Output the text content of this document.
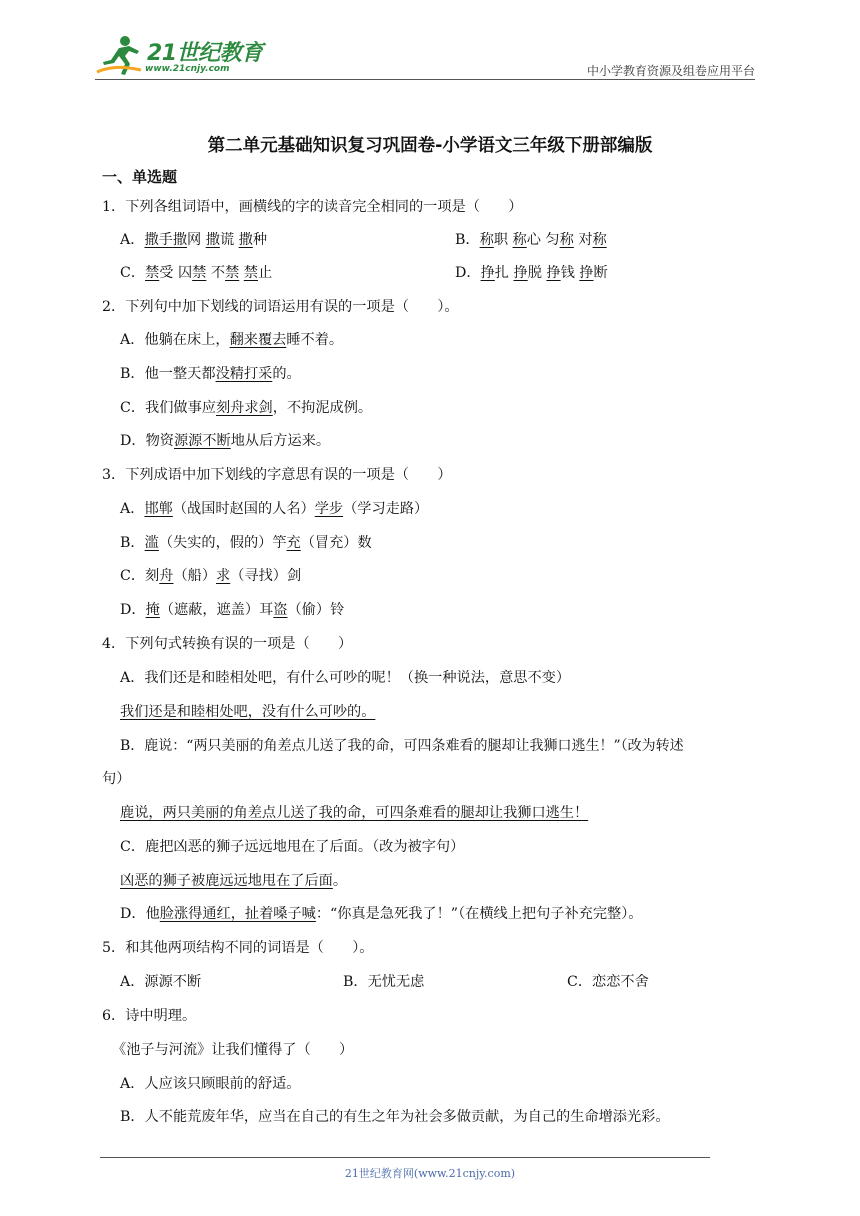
21世纪教育
www.21cnjy.com	中小学教育资源及组卷应用平台
第二单元基础知识复习巩固卷-小学语文三年级下册部编版
一、单选题
1．下列各组词语中，画横线的字的读音完全相同的一项是（　　）
A．撒手撒网 撒谎 撒种	B．称职 称心 匀称 对称
C．禁受 囚禁 不禁 禁止	D．挣扎 挣脱 挣钱 挣断
2．下列句中加下划线的词语运用有误的一项是（　　）。
A．他躺在床上，翻来覆去睡不着。
B．他一整天都没精打采的。
C．我们做事应刻舟求剑，不拘泥成例。
D．物资源源不断地从后方运来。
3．下列成语中加下划线的字意思有误的一项是（　　）
A．邯郸（战国时赵国的人名）学步（学习走路）
B．滥（失实的，假的）竽充（冒充）数
C．刻舟（船）求（寻找）剑
D．掩（遮蔽，遮盖）耳盗（偷）铃
4．下列句式转换有误的一项是（　　）
A．我们还是和睦相处吧，有什么可吵的呢！（换一种说法，意思不变）
我们还是和睦相处吧，没有什么可吵的。
B．鹿说：“两只美丽的角差点儿送了我的命，可四条难看的腿却让我狮口逃生！”（改为转述
句）
鹿说，两只美丽的角差点儿送了我的命，可四条难看的腿却让我狮口逃生！
C．鹿把凶恶的狮子远远地甩在了后面。（改为被字句）
凶恶的狮子被鹿远远地甩在了后面。
D．他脸涨得通红，扯着嗓子喊：“你真是急死我了！”（在横线上把句子补充完整）。
5．和其他两项结构不同的词语是（　　）。
A．源源不断	B．无忧无虑	C．恋恋不舍
6．诗中明理。
《池子与河流》让我们懂得了（　　）
A．人应该只顾眼前的舒适。
B．人不能荒废年华，应当在自己的有生之年为社会多做贡献，为自己的生命增添光彩。
21世纪教育网(www.21cnjy.com)
